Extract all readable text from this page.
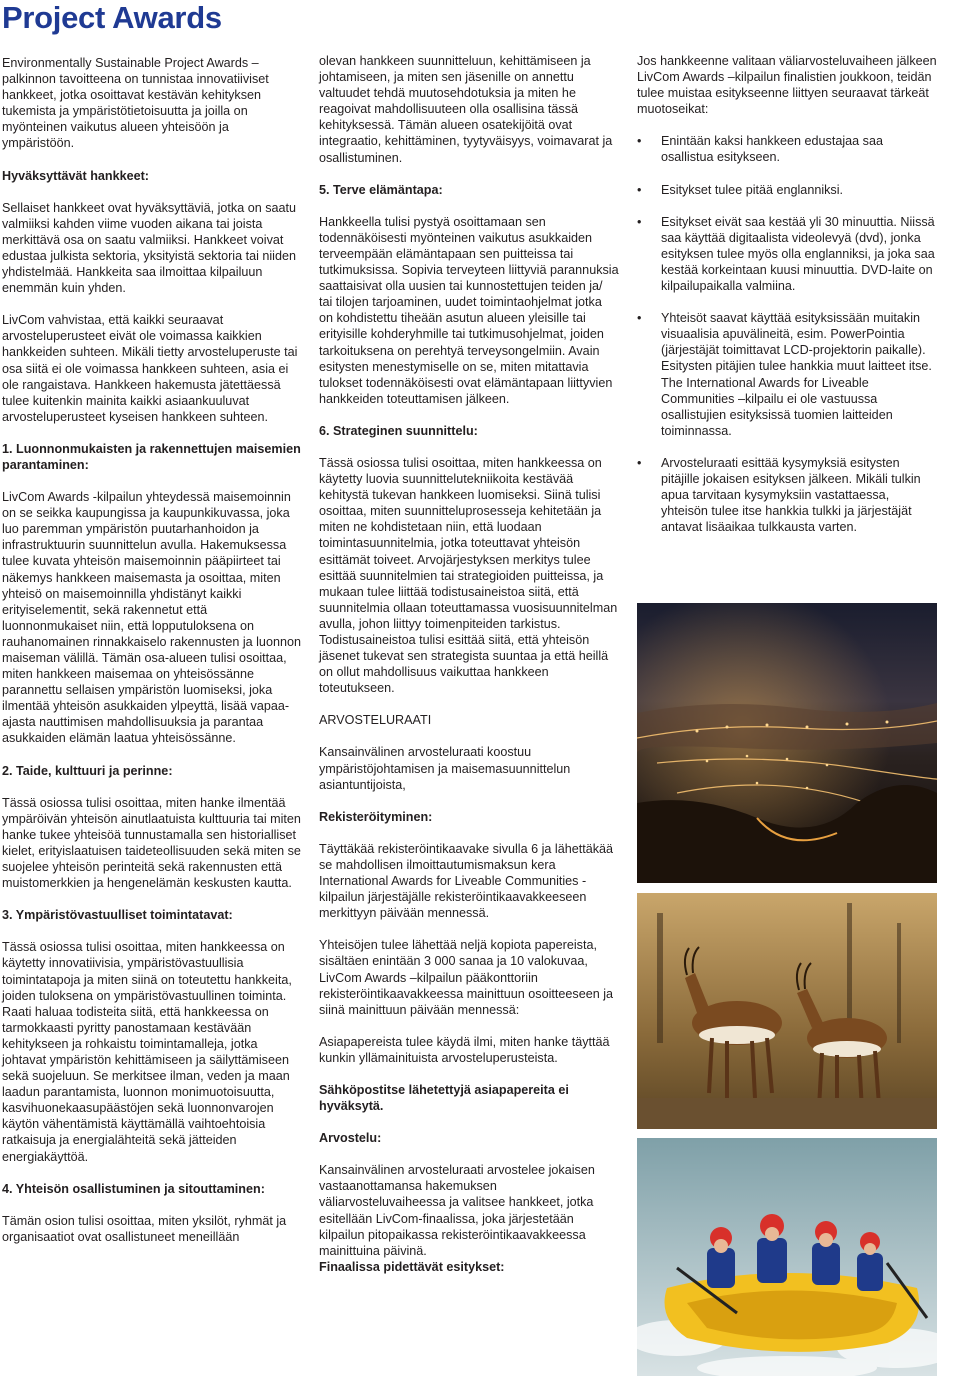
Project Awards

Environmentally Sustainable Project Awards – palkinnon tavoitteena on tunnistaa innovatiiviset hankkeet, jotka osoittavat kestävän kehityksen tukemista ja ympäristötietoisuutta ja joilla on myönteinen vaikutus alueen yhteisöön ja ympäristöön.

Hyväksyttävät hankkeet:

Sellaiset hankkeet ovat hyväksyttäviä, jotka on saatu valmiiksi kahden viime vuoden aikana tai joista merkittävä osa on saatu valmiiksi. Hankkeet voivat edustaa julkista sektoria, yksityistä sektoria tai niiden yhdistelmää. Hankkeita saa ilmoittaa kilpailuun enemmän kuin yhden.

LivCom vahvistaa, että kaikki seuraavat arvosteluperusteet eivät ole voimassa kaikkien hankkeiden suhteen. Mikäli tietty arvosteluperuste tai osa siitä ei ole voimassa hankkeen suhteen, asia ei ole rangaistava. Hankkeen hakemusta jätettäessä tulee kuitenkin mainita kaikki asiaankuuluvat arvosteluperusteet kyseisen hankkeen suhteen.

1. Luonnonmukaisten ja rakennettujen maisemien parantaminen:

LivCom Awards -kilpailun yhteydessä maisemoinnin on se seikka kaupungissa ja kaupunkikuvassa, joka luo paremman ympäristön puutarhanhoidon ja infrastruktuurin suunnittelun avulla. Hakemuksessa tulee kuvata yhteisön maisemoinnin pääpiirteet tai näkemys hankkeen maisemasta ja osoittaa, miten yhteisö on maisemoinnilla yhdistänyt kaikki erityiselementit, sekä rakennetut että luonnonmukaiset niin, että lopputuloksena on rauhanomainen rinnakkaiselo rakennusten ja luonnon maiseman välillä. Tämän osa-alueen tulisi osoittaa, miten hankkeen maisemaa on yhteisössänne parannettu sellaisen ympäristön luomiseksi, joka ilmentää yhteisön asukkaiden ylpeyttä, lisää vapaa-ajasta nauttimisen mahdollisuuksia ja parantaa asukkaiden elämän laatua yhteisössänne.

2. Taide, kulttuuri ja perinne:

Tässä osiossa tulisi osoittaa, miten hanke ilmentää ympäröivän yhteisön ainutlaatuista kulttuuria tai miten hanke tukee yhteisöä tunnustamalla sen historialliset kielet, erityislaatuisen taideteollisuuden sekä miten se suojelee yhteisön perinteitä sekä rakennusten että muistomerkkien ja hengenelämän keskusten kautta.

3. Ympäristövastuulliset toimintatavat:

Tässä osiossa tulisi osoittaa, miten hankkeessa on käytetty innovatiivisia, ympäristövastuullisia toimintatapoja ja miten siinä on toteutettu hankkeita, joiden tuloksena on ympäristövastuullinen toiminta. Raati haluaa todisteita siitä, että hankkeessa on tarmokkaasti pyritty panostamaan kestävään kehitykseen ja rohkaistu toimintamalleja, jotka johtavat ympäristön kehittämiseen ja säilyttämiseen sekä suojeluun. Se merkitsee ilman, veden ja maan laadun parantamista, luonnon monimuotoisuutta, kasvihuonekaasupäästöjen sekä luonnonvarojen käytön vähentämistä käyttämällä vaihtoehtoisia ratkaisuja ja energialähteitä sekä jätteiden energiakäyttöä.

4. Yhteisön osallistuminen ja sitouttaminen:

Tämän osion tulisi osoittaa, miten yksilöt, ryhmät ja organisaatiot ovat osallistuneet meneillään

olevan hankkeen suunnitteluun, kehittämiseen ja johtamiseen, ja miten sen jäsenille on annettu valtuudet tehdä muutosehdotuksia ja miten he reagoivat mahdollisuuteen olla osallisina tässä kehityksessä. Tämän alueen osatekijöitä ovat integraatio, kehittäminen, tyytyväisyys, voimavarat ja osallistuminen.

5. Terve elämäntapa:

Hankkeella tulisi pystyä osoittamaan sen todennäköisesti myönteinen vaikutus asukkaiden terveempään elämäntapaan sen puitteissa tai tutkimuksissa. Sopivia terveyteen liittyviä parannuksia saattaisivat olla uusien tai kunnostettujen teiden ja/ tai tilojen tarjoaminen, uudet toimintaohjelmat jotka on kohdistettu tiheään asutun alueen yleisille tai erityisille kohderyhmille tai tutkimusohjelmat, joiden tarkoituksena on perehtyä terveysongelmiin. Avain esitysten menestymiselle on se, miten mitattavia tulokset todennäköisesti ovat elämäntapaan liittyvien hankkeiden toteuttamisen jälkeen.

6. Strateginen suunnittelu:

Tässä osiossa tulisi osoittaa, miten hankkeessa on käytetty luovia suunnittelutekniikoita kestävää kehitystä tukevan hankkeen luomiseksi. Siinä tulisi osoittaa, miten suunnitteluprosesseja kehitetään ja miten ne kohdistetaan niin, että luodaan toimintasuunnitelmia, jotka toteuttavat yhteisön esittämät toiveet. Arvojärjestyksen merkitys tulee esittää suunnitelmien tai strategioiden puitteissa, ja mukaan tulee liittää todistusaineistoa siitä, että suunnitelmia ollaan toteuttamassa vuosisuunnitelman avulla, johon liittyy toimenpiteiden tarkistus. Todistusaineistoa tulisi esittää siitä, että yhteisön jäsenet tukevat sen strategista suuntaa ja että heillä on ollut mahdollisuus vaikuttaa hankkeen toteutukseen.

ARVOSTELURAATI

Kansainvälinen arvosteluraati koostuu ympäristöjohtamisen ja maisemasuunnittelun asiantuntijoista,

Rekisteröityminen:

Täyttäkää rekisteröintikaavake sivulla 6 ja lähettäkää se mahdollisen ilmoittautumismaksun kera International Awards for Liveable Communities -kilpailun järjestäjälle rekisteröintikaavakkeeseen merkittyyn päivään mennessä.

Yhteisöjen tulee lähettää neljä kopiota papereista, sisältäen enintään 3 000 sanaa ja 10 valokuvaa, LivCom Awards –kilpailun pääkonttoriin rekisteröintikaavakkeessa mainittuun osoitteeseen ja siinä mainittuun päivään mennessä:

Asiapapereista tulee käydä ilmi, miten hanke täyttää kunkin yllämainituista arvosteluperusteista.

Sähköpostitse lähetettyjä asiapapereita ei hyväksytä.
Arvostelu:

Kansainvälinen arvosteluraati arvostelee jokaisen vastaanottamansa hakemuksen väliarvosteluvaiheessa ja valitsee hankkeet, jotka esitellään LivCom-finaalissa, joka järjestetään kilpailun pitopaikassa rekisteröintikaavakkeessa mainittuina päivinä.

Finaalissa pidettävät esitykset:

Jos hankkeenne valitaan väliarvosteluvaiheen jälkeen LivCom Awards –kilpailun finalistien joukkoon, teidän tulee muistaa esitykseenne liittyen seuraavat tärkeät muotoseikat:

• Enintään kaksi hankkeen edustajaa saa osallistua esitykseen.
• Esitykset tulee pitää englanniksi.
• Esitykset eivät saa kestää yli 30 minuuttia. Niissä saa käyttää digitaalista videolevyä (dvd), jonka esityksen tulee myös olla englanniksi, ja joka saa kestää korkeintaan kuusi minuuttia. DVD-laite on kilpailupaikalla valmiina.
• Yhteisöt saavat käyttää esityksissään muitakin visuaalisia apuvälineitä, esim. PowerPointia (järjestäjät toimittavat LCD-projektorin paikalle). Esitysten pitäjien tulee hankkia muut laitteet itse. The International Awards for Liveable Communities –kilpailu ei ole vastuussa osallistujien esityksissä tuomien laitteiden toiminnassa.
• Arvosteluraati esittää kysymyksiä esitysten pitäjille jokaisen esityksen jälkeen. Mikäli tulkin apua tarvitaan kysymyksiin vastattaessa, yhteisön tulee itse hankkia tulkki ja järjestäjät antavat lisäaikaa tulkkausta varten.
